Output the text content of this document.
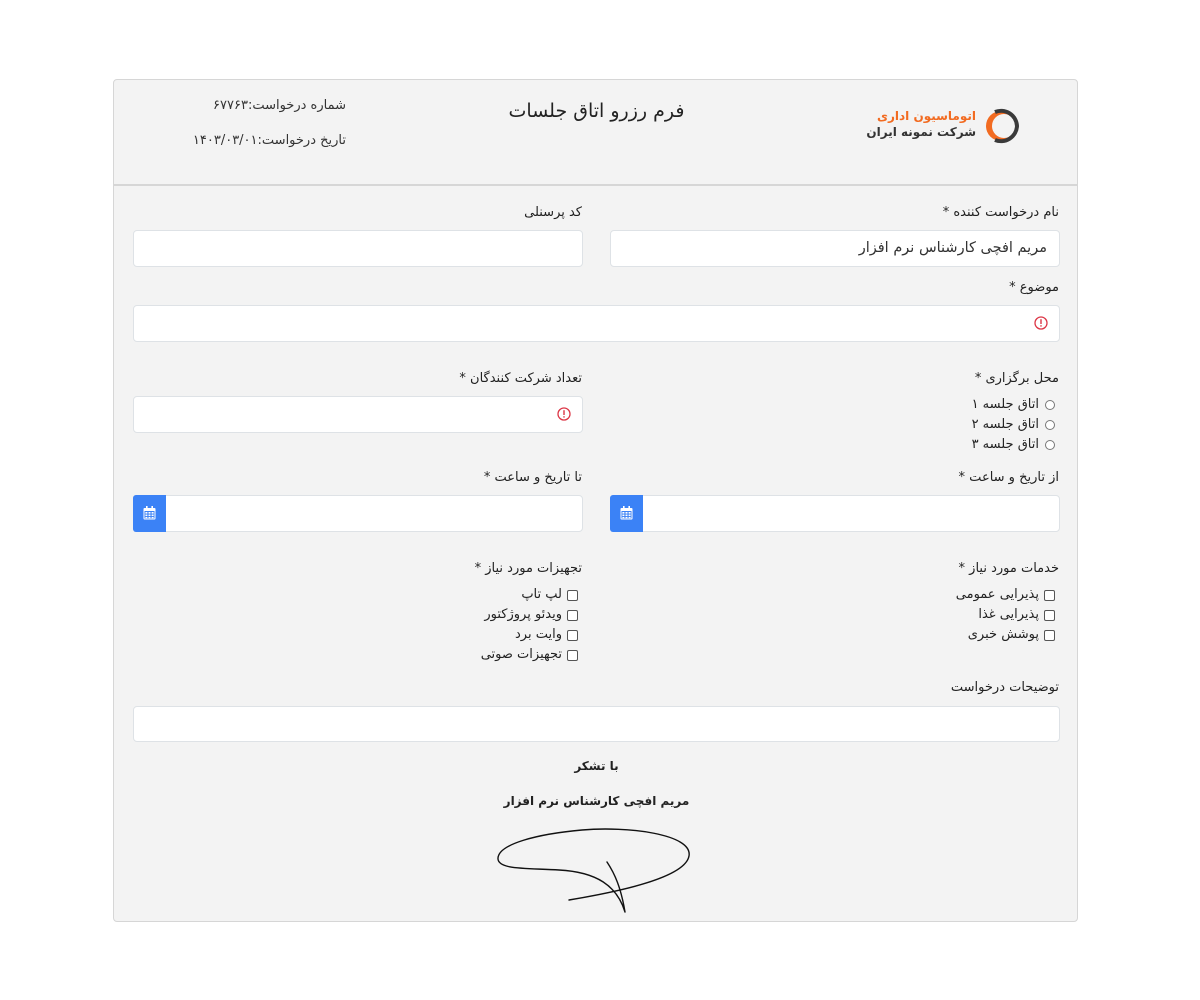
اتوماسیون اداری
شرکت نمونه ایران
فرم رزرو اتاق جلسات
شماره درخواست:۶۷۷۶۳
تاریخ درخواست:۱۴۰۳/۰۳/۰۱
نام درخواست کننده *
مریم افچی کارشناس نرم افزار
کد پرسنلی
موضوع *
محل برگزاری *
اتاق جلسه ۱
اتاق جلسه ۲
اتاق جلسه ۳
تعداد شرکت کنندگان *
از تاریخ و ساعت *
تا تاریخ و ساعت *
خدمات مورد نیاز *
پذیرایی عمومی
پذیرایی غذا
پوشش خبری
تجهیزات مورد نیاز *
لپ تاپ
ویدئو پروژکتور
وایت برد
تجهیزات صوتی
توضیحات درخواست
با تشکر
مریم افچی کارشناس نرم افزار
